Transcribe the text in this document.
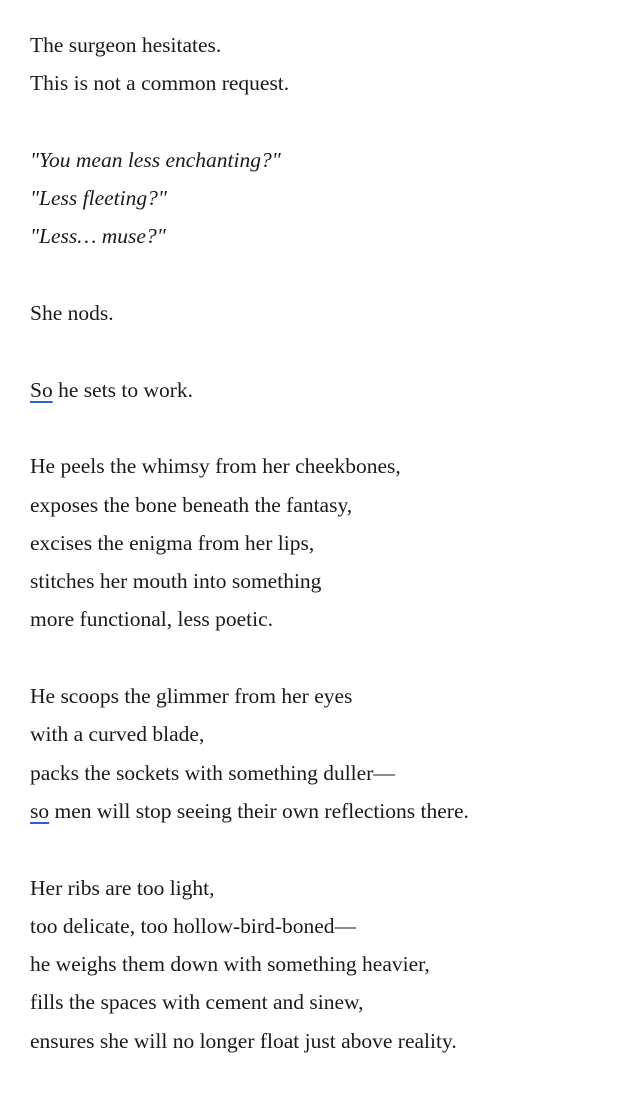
The surgeon hesitates.
This is not a common request.
"You mean less enchanting?"
"Less fleeting?"
"Less… muse?"
She nods.
So he sets to work.
He peels the whimsy from her cheekbones,
exposes the bone beneath the fantasy,
excises the enigma from her lips,
stitches her mouth into something
more functional, less poetic.
He scoops the glimmer from her eyes
with a curved blade,
packs the sockets with something duller—
so men will stop seeing their own reflections there.
Her ribs are too light,
too delicate, too hollow-bird-boned—
he weighs them down with something heavier,
fills the spaces with cement and sinew,
ensures she will no longer float just above reality.
